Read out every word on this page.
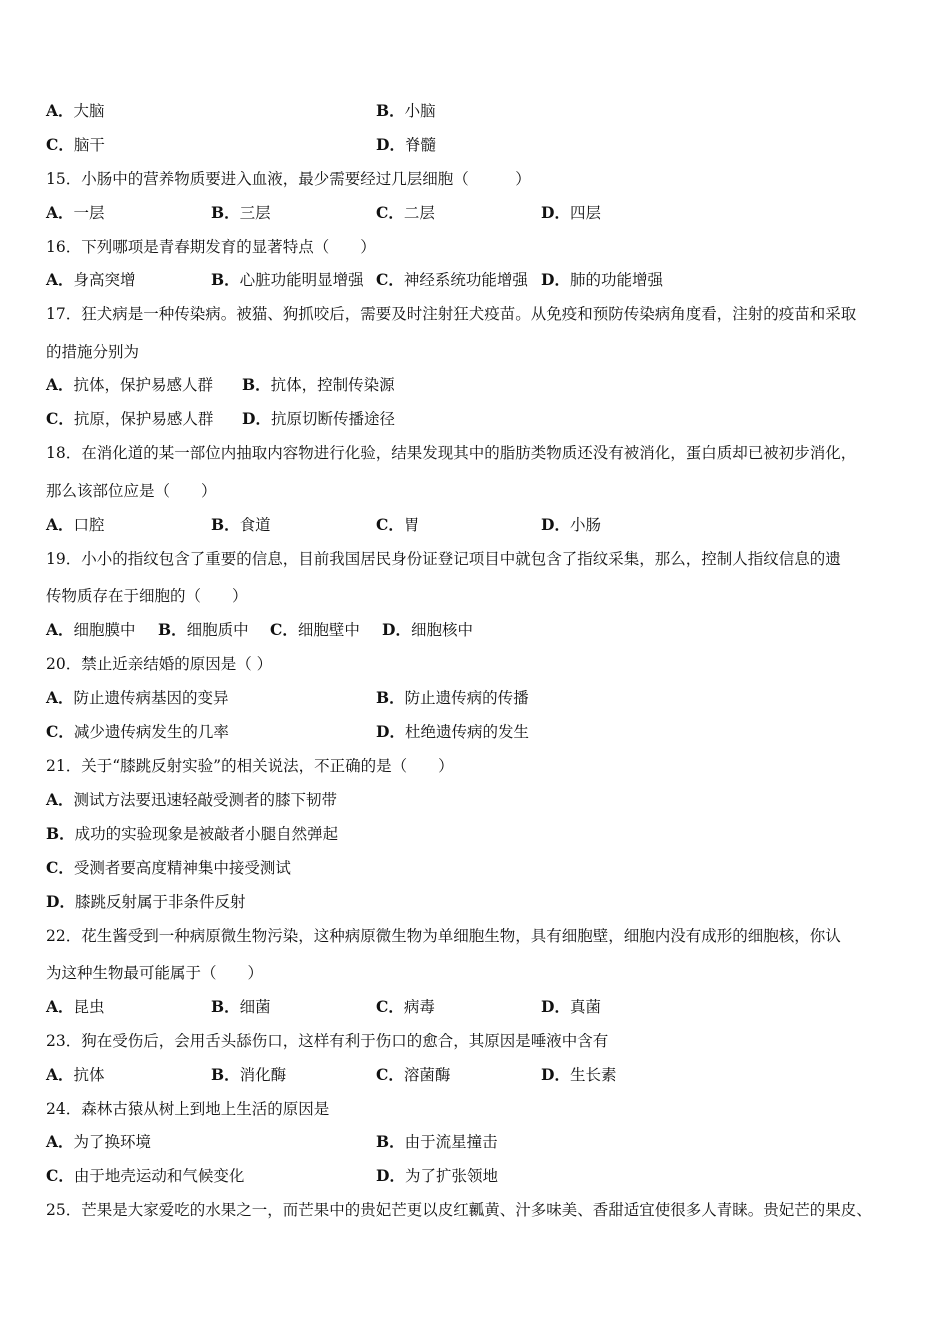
A．大脑	B．小脑
C．脑干	D．脊髓
15．小肠中的营养物质要进入血液，最少需要经过几层细胞（　　　）
A．一层	B．三层	C．二层	D．四层
16．下列哪项是青春期发育的显著特点（　　）
A．身高突增	B．心脏功能明显增强 C．神经系统功能增强 D．肺的功能增强
17．狂犬病是一种传染病。被猫、狗抓咬后，需要及时注射狂犬疫苗。从免疫和预防传染病角度看，注射的疫苗和采取
的措施分别为
A．抗体，保护易感人群 B．抗体，控制传染源
C．抗原，保护易感人群 D．抗原切断传播途径
18．在消化道的某一部位内抽取内容物进行化验，结果发现其中的脂肪类物质还没有被消化，蛋白质却已被初步消化，
那么该部位应是（　　）
A．口腔	B．食道	C．胃	D．小肠
19．小小的指纹包含了重要的信息，目前我国居民身份证登记项目中就包含了指纹采集，那么，控制人指纹信息的遗
传物质存在于细胞的（　　）
A．细胞膜中 B．细胞质中 C．细胞壁中 D．细胞核中
20．禁止近亲结婚的原因是（ ）
A．防止遗传病基因的变异	B．防止遗传病的传播
C．减少遗传病发生的几率	D．杜绝遗传病的发生
21．关于“膝跳反射实验”的相关说法，不正确的是（　　）
A．测试方法要迅速轻敲受测者的膝下韧带
B．成功的实验现象是被敲者小腿自然弹起
C．受测者要高度精神集中接受测试
D．膝跳反射属于非条件反射
22．花生酱受到一种病原微生物污染，这种病原微生物为单细胞生物，具有细胞壁，细胞内没有成形的细胞核，你认
为这种生物最可能属于（　　）
A．昆虫	B．细菌	C．病毒	D．真菌
23．狗在受伤后，会用舌头舔伤口，这样有利于伤口的愈合，其原因是唾液中含有
A．抗体	B．消化酶	C．溶菌酶	D．生长素
24．森林古猿从树上到地上生活的原因是
A．为了换环境	B．由于流星撞击
C．由于地壳运动和气候变化	D．为了扩张领地
25．芒果是大家爱吃的水果之一，而芒果中的贵妃芒更以皮红瓤黄、汁多味美、香甜适宜使很多人青睐。贵妃芒的果皮、
